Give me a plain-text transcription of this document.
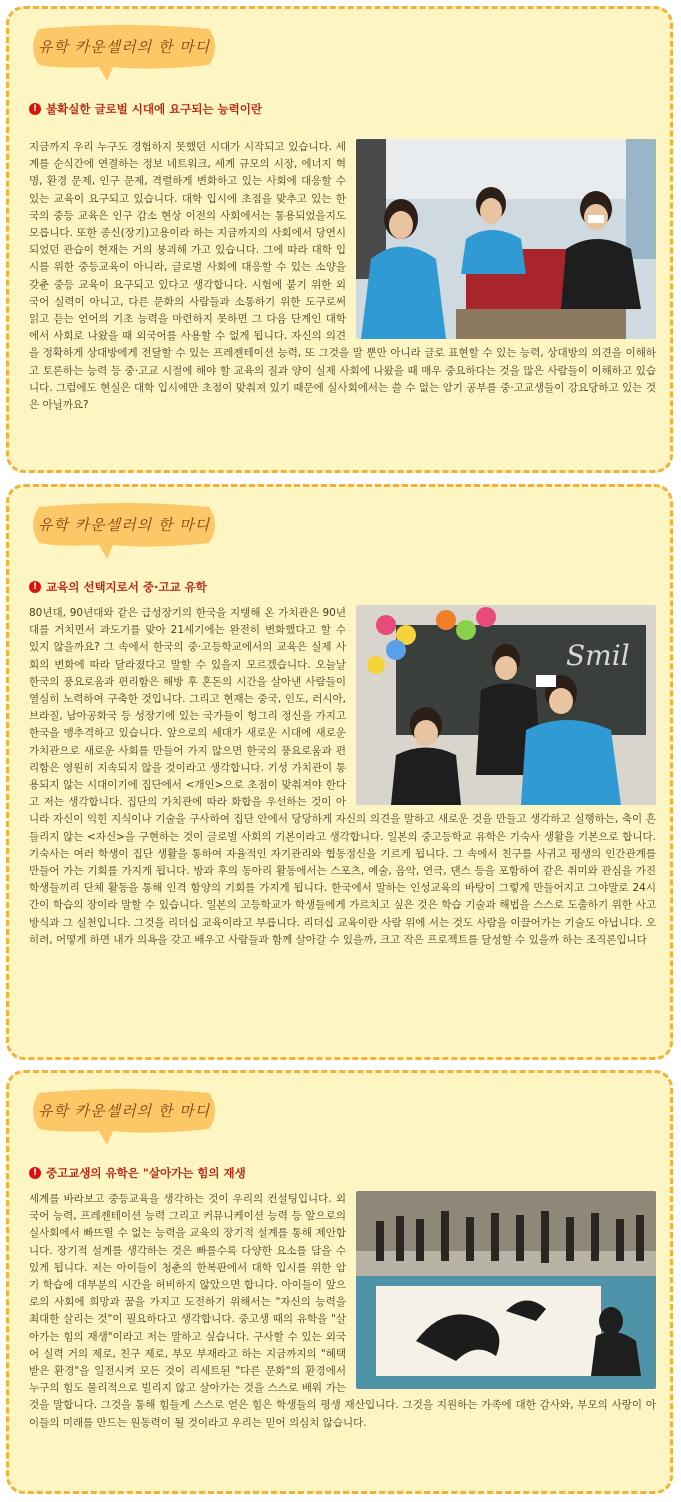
유학 카운셀러의 한 마디
! 불확실한 글로벌 시대에 요구되는 능력이란
지금까지 우리 누구도 경험하지 못했던 시대가 시작되고 있습니다. 세계를 순식간에 연결하는 정보 네트워크, 세계 규모의 시장, 에너지 혁명, 환경 문제, 인구 문제, 격렬하게 변화하고 있는 사회에 대응할 수 있는 교육이 요구되고 있습니다. 대학 입시에 초점을 맞추고 있는 한국의 중등 교육은 인구 감소 현상 이전의 사회에서는 통용되었을지도 모릅니다. 또한 종신(장기)고용이라 하는 지금까지의 사회에서 당연시되었던 관습이 현재는 거의 붕괴해 가고 있습니다. 그에 따라 대학 입시를 위한 중등교육이 아니라, 글로벌 사회에 대응할 수 있는 소양을 갖춘 중등 교육이 요구되고 있다고 생각합니다. 시험에 붙기 위한 외국어 실력이 아니고, 다른 문화의 사람들과 소통하기 위한 도구로써 읽고 듣는 언어의 기초 능력을 마련하지 못하면 그 다음 단계인 대학에서 사회로 나왔을 때 외국어를 사용할 수 없게 됩니다. 자신의 의견을 정확하게 상대방에게 전달할 수 있는 프레젠테이션 능력, 또 그것을 말 뿐만 아니라 글로 표현할 수 있는 능력, 상대방의 의견을 이해하고 토론하는 능력 등 중·고교 시절에 해야 할 교육의 질과 양이 실제 사회에 나왔을 때 매우 중요하다는 것을 많은 사람들이 이해하고 있습니다. 그럼에도 현실은 대학 입시에만 초점이 맞춰져 있기 때문에 실사회에서는 쓸 수 없는 암기 공부를 중·고교생들이 강요당하고 있는 것은 아닐까요?
유학 카운셀러의 한 마디
! 교육의 선택지로서 중·고교 유학
Smil
80년대, 90년대와 같은 급성장기의 한국을 지탱해 온 가치관은 90년대를 거치면서 과도기를 맞아 21세기에는 완전히 변화했다고 할 수 있지 않을까요? 그 속에서 한국의 중·고등학교에서의 교육은 실제 사회의 변화에 따라 달라졌다고 말할 수 있을지 모르겠습니다. 오늘날 한국의 풍요로움과 편리함은 해방 후 혼돈의 시간을 살아낸 사람들이 열심히 노력하여 구축한 것입니다. 그리고 현재는 중국, 인도, 러시아, 브라질, 남아공화국 등 성장기에 있는 국가들이 헝그리 정신을 가지고 한국을 맹추격하고 있습니다. 앞으로의 세대가 새로운 시대에 새로운 가치관으로 새로운 사회를 만들어 가지 않으면 한국의 풍요로움과 편리함은 영원히 지속되지 않을 것이라고 생각합니다. 기성 가치관이 통용되지 않는 시대이기에 집단에서 <개인>으로 초점이 맞춰져야 한다고 저는 생각합니다. 집단의 가치관에 따라 화합을 우선하는 것이 아니라 자신이 익힌 지식이나 기술을 구사하여 집단 안에서 당당하게 자신의 의견을 말하고 새로운 것을 만들고 생각하고 실행하는, 축이 흔들리지 않는 <자신>을 구현하는 것이 글로벌 사회의 기본이라고 생각합니다. 일본의 중고등학교 유학은 기숙사 생활을 기본으로 합니다. 기숙사는 여러 학생이 집단 생활을 통하여 자율적인 자기관리와 협동정신을 기르게 됩니다. 그 속에서 친구를 사귀고 평생의 인간관계를 만들어 가는 기회를 가지게 됩니다. 방과 후의 동아리 활동에서는 스포츠, 예술, 음악, 연극, 댄스 등을 포함하여 같은 취미와 관심을 가진 학생들끼리 단체 활동을 통해 인격 함양의 기회를 가지게 됩니다. 한국에서 말하는 인성교육의 바탕이 그렇게 만들어지고 그야말로 24시간이 학습의 장이라 말할 수 있습니다. 일본의 고등학교가 학생들에게 가르치고 싶은 것은 학습 기술과 해법을 스스로 도출하기 위한 사고방식과 그 실천입니다. 그것을 리더십 교육이라고 부릅니다. 리더십 교육이란 사람 위에 서는 것도 사람을 이끌어가는 기술도 아닙니다. 오히려, 어떻게 하면 내가 의욕을 갖고 배우고 사람들과 함께 살아갈 수 있을까, 크고 작은 프로젝트를 달성할 수 있을까 하는 조직론입니다
유학 카운셀러의 한 마디
! 중고교생의 유학은 "살아가는 힘의 재생
세계를 바라보고 중등교육을 생각하는 것이 우리의 컨설팅입니다. 외국어 능력, 프레젠테이션 능력 그리고 커뮤니케이션 능력 등 앞으로의 실사회에서 빠뜨릴 수 없는 능력을 교육의 장기적 설계를 통해 제안합니다. 장기적 설계를 생각하는 것은 빠를수록 다양한 요소를 담을 수 있게 됩니다. 저는 아이들이 청춘의 한복판에서 대학 입시를 위한 암기 학습에 대부분의 시간을 허비하지 않았으면 합니다. 아이들이 앞으로의 사회에 희망과 꿈을 가지고 도전하기 위해서는 "자신의 능력을 최대한 살리는 것"이 필요하다고 생각합니다. 중고생 때의 유학을 "살아가는 힘의 재생"이라고 저는 말하고 싶습니다. 구사할 수 있는 외국어 실력 거의 제로, 친구 제로, 부모 부재라고 하는 지금까지의 "혜택 받은 환경"을 일전시켜 모든 것이 리세트된 "다른 문화"의 환경에서 누구의 힘도 물리적으로 빌리지 않고 살아가는 것을 스스로 배워 가는 것을 말합니다. 그것을 통해 힘들게 스스로 얻은 힘은 학생들의 평생 재산입니다. 그것을 지원하는 가족에 대한 감사와, 부모의 사랑이 아이들의 미래를 만드는 원동력이 될 것이라고 우리는 믿어 의심치 않습니다.
